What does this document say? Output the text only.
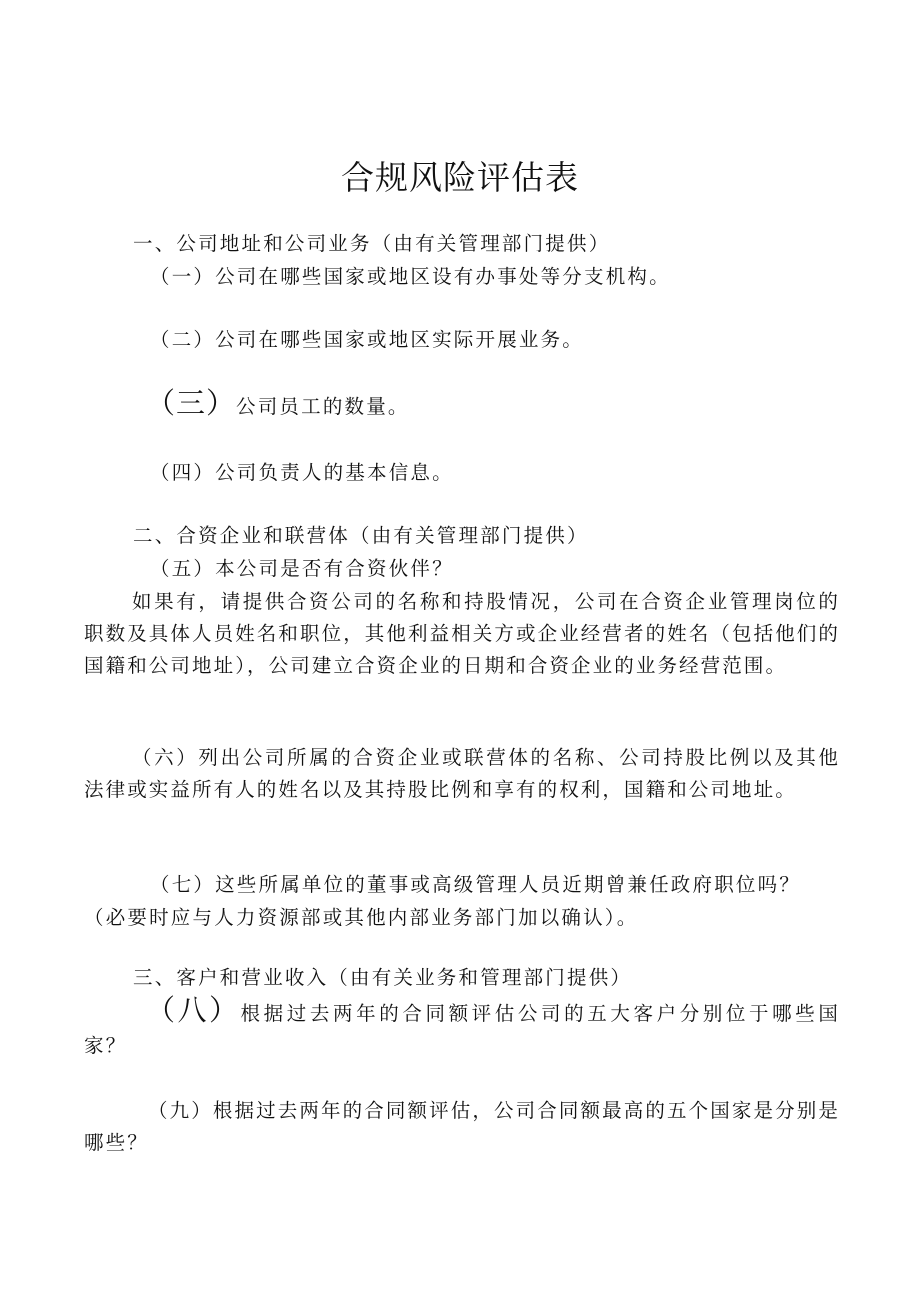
合规风险评估表
一、公司地址和公司业务（由有关管理部门提供）
（一）公司在哪些国家或地区设有办事处等分支机构。
（二）公司在哪些国家或地区实际开展业务。
（三）公司员工的数量。
（四）公司负责人的基本信息。
二、合资企业和联营体（由有关管理部门提供）
（五）本公司是否有合资伙伴？
如果有，请提供合资公司的名称和持股情况，公司在合资企业管理岗位的职数及具体人员姓名和职位，其他利益相关方或企业经营者的姓名（包括他们的国籍和公司地址），公司建立合资企业的日期和合资企业的业务经营范围。
（六）列出公司所属的合资企业或联营体的名称、公司持股比例以及其他法律或实益所有人的姓名以及其持股比例和享有的权利，国籍和公司地址。
（七）这些所属单位的董事或高级管理人员近期曾兼任政府职位吗？
（必要时应与人力资源部或其他内部业务部门加以确认）。
三、客户和营业收入（由有关业务和管理部门提供）
（八）根据过去两年的合同额评估公司的五大客户分别位于哪些国家？
（九）根据过去两年的合同额评估，公司合同额最高的五个国家是分别是哪些？
